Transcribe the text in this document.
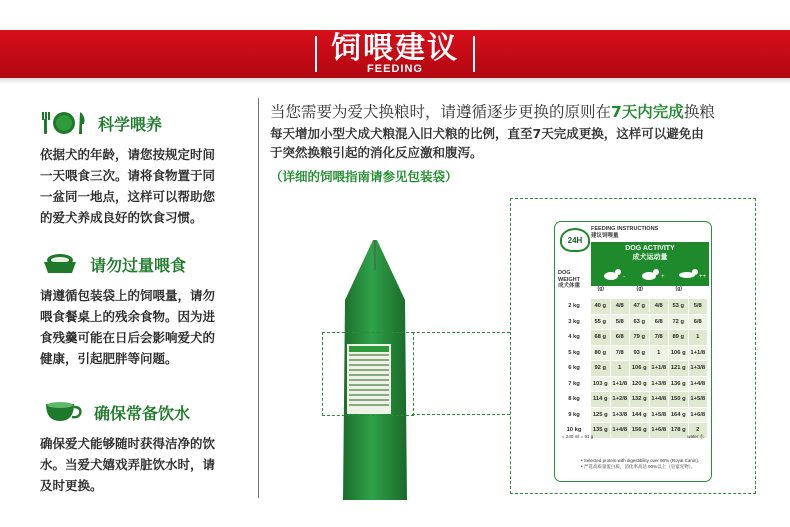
饲喂建议
FEEDING
科学喂养
依据犬的年龄，请您按规定时间
一天喂食三次。请将食物置于同
一盆同一地点，这样可以帮助您
的爱犬养成良好的饮食习惯。
请勿过量喂食
请遵循包装袋上的饲喂量，请勿
喂食餐桌上的残余食物。因为进
食残羹可能在日后会影响爱犬的
健康，引起肥胖等问题。
确保常备饮水
确保爱犬能够随时获得洁净的饮
水。当爱犬嬉戏弄脏饮水时，请
及时更换。
当您需要为爱犬换粮时，请遵循逐步更换的原则在7天内完成换粮
每天增加小型犬成犬粮混入旧犬粮的比例，直至7天完成更换，这样可以避免由
于突然换粮引起的消化反应激和腹泻。
（详细的饲喂指南请参见包装袋）
24H
FEEDING INSTRUCTIONS
建议饲喂量
DOG ACTIVITY
成犬运动量
-	+	++
DOG
WEIGHT
成犬体重	(g)	(g)	(g)
2 kg	40 g	4/8	47 g	4/8	53 g	5/8
3 kg	55 g	5/8	63 g	6/8	72 g	6/8
4 kg	68 g	6/8	79 g	7/8	89 g	1
5 kg	80 g	7/8	93 g	1	106 g 1+1/8
6 kg	92 g	1	106 g 1+1/8 121 g 1+3/8
7 kg	103 g 1+1/8 120 g 1+3/8 136 g 1+4/8
8 kg	114 g 1+2/8 132 g 1+4/8 150 g 1+5/8
9 kg	125 g 1+3/8 144 g 1+5/8 164 g 1+6/8
10 kg	135 g 1+4/8 156 g 1+6/8 178 g	2
= 240 ml = 91 g	water 水
• Selected protein with digestibility over 90% (Royal Canin).
• 严选高质量蛋白质，消化率高达 90%以上（皇家宠物）。
